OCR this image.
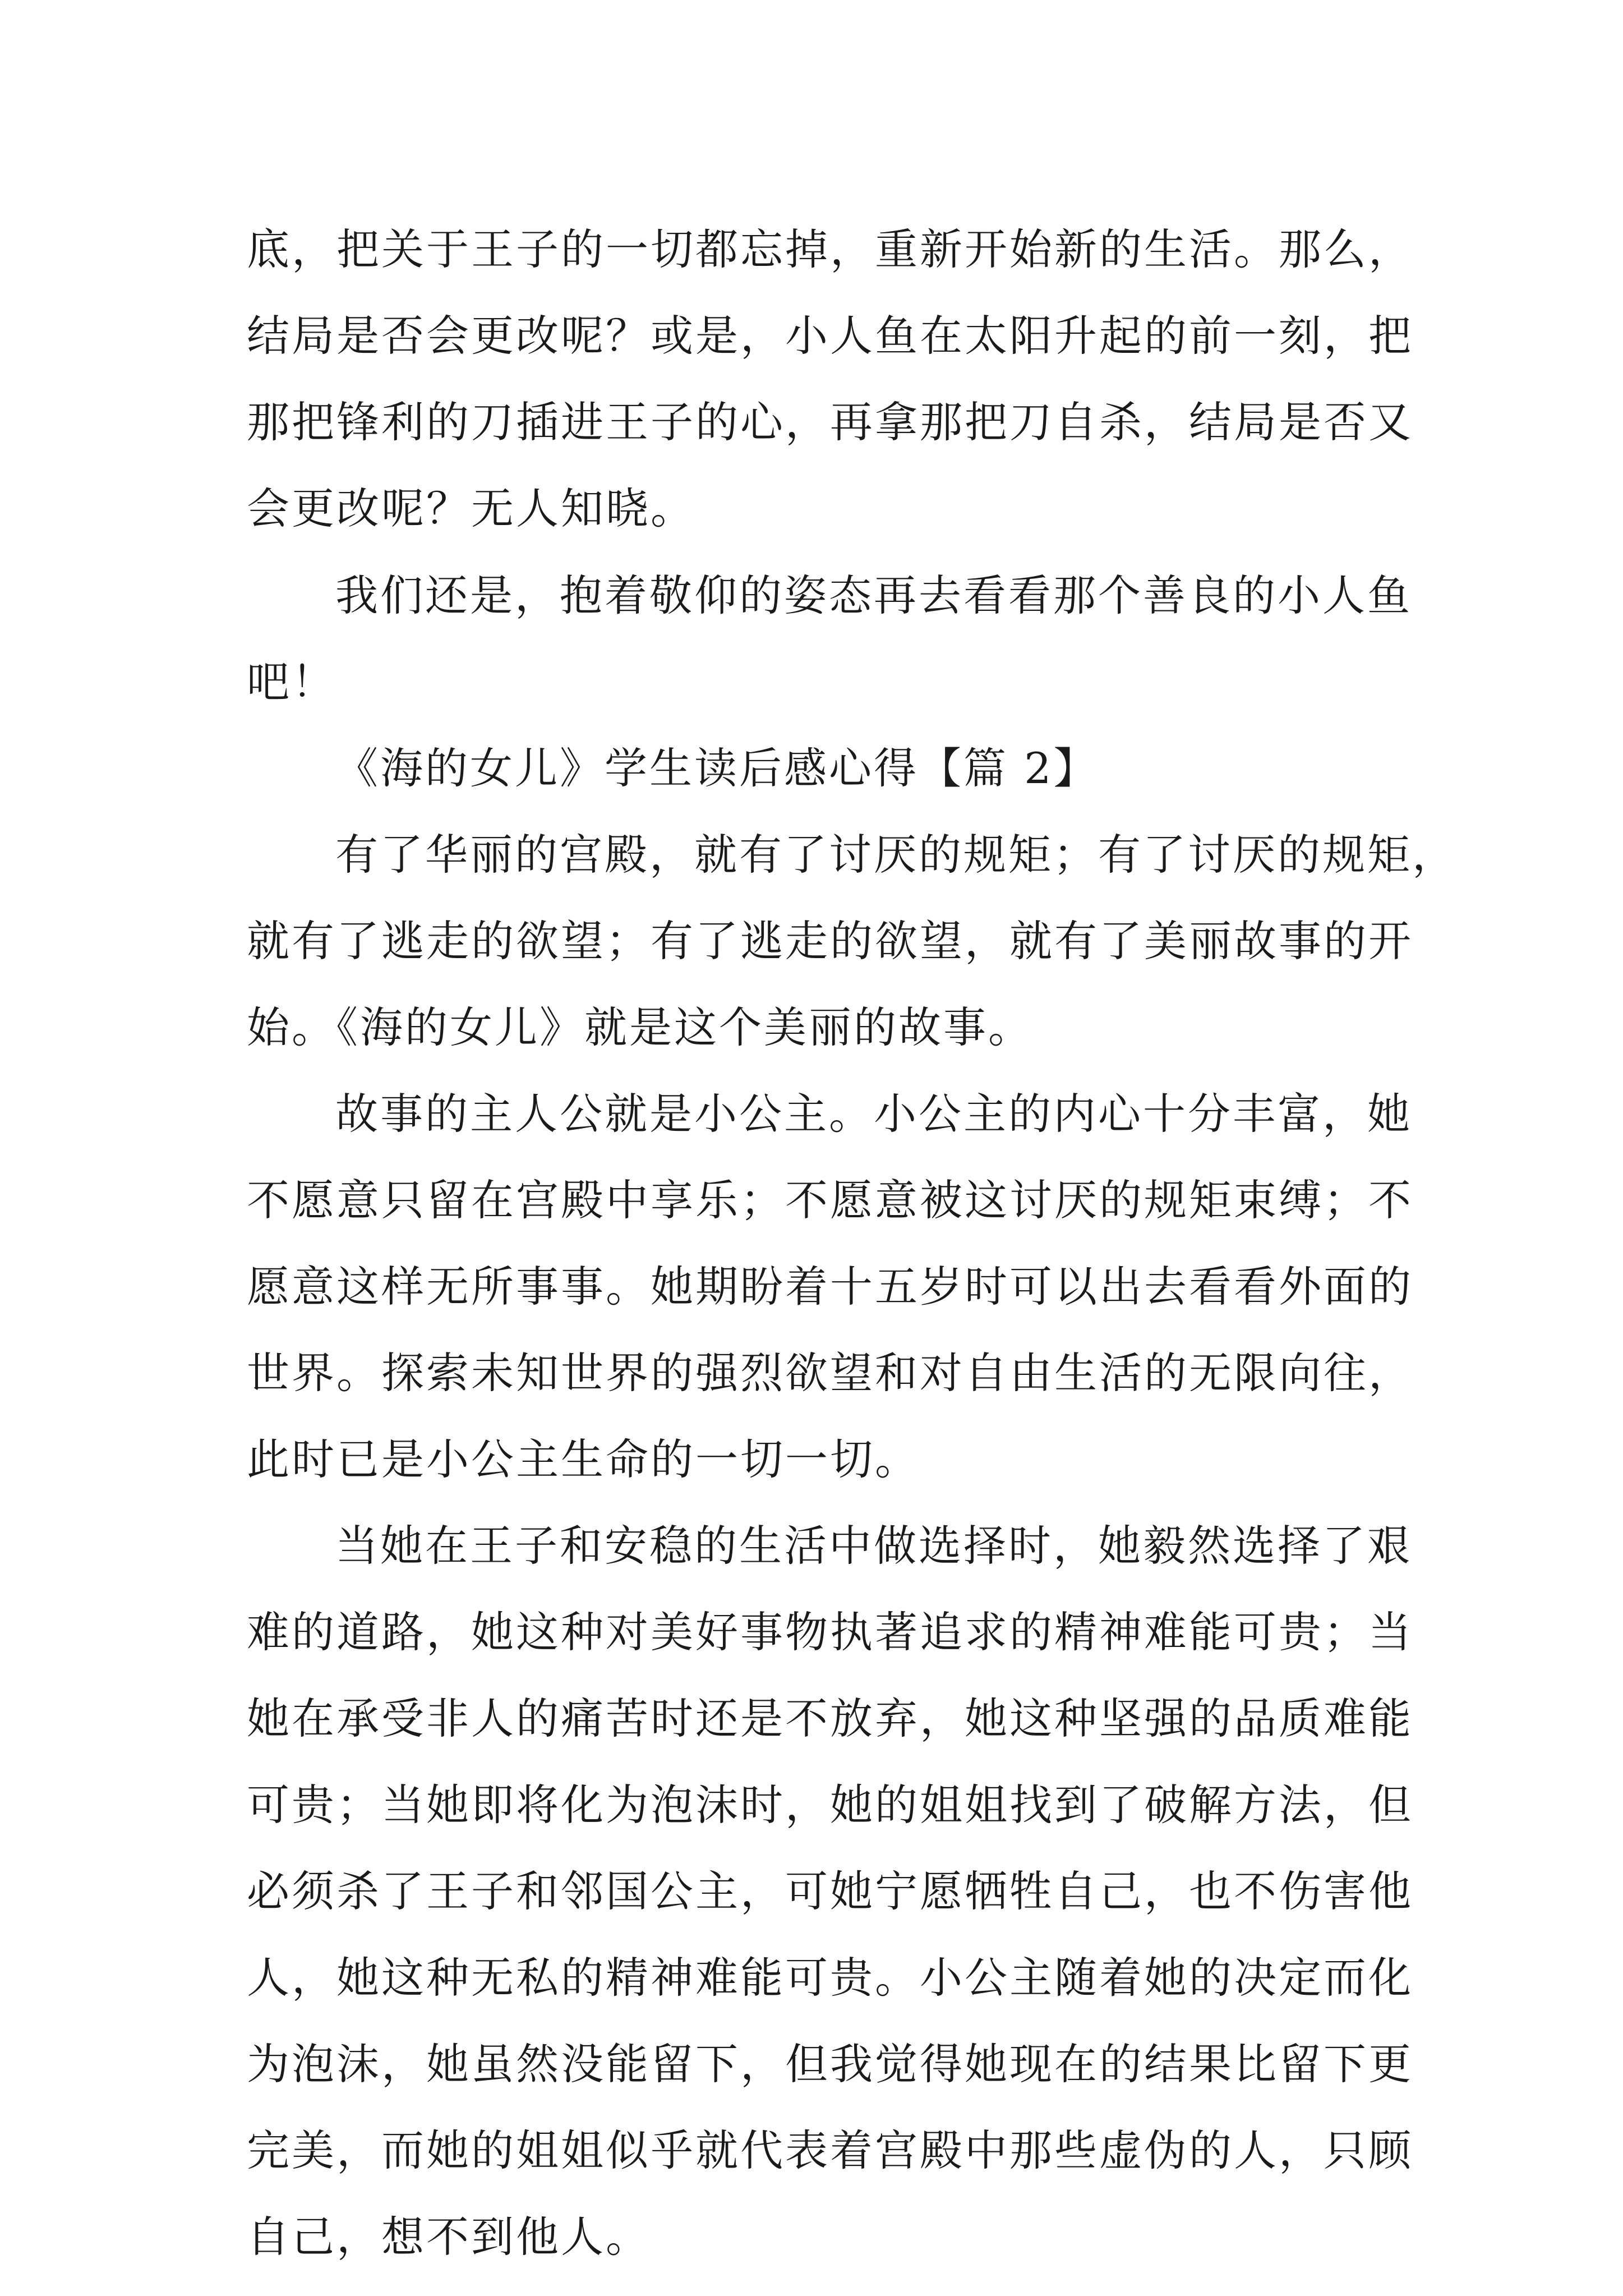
底，把关于王子的一切都忘掉，重新开始新的生活。那么，
结局是否会更改呢？或是，小人鱼在太阳升起的前一刻，把
那把锋利的刀插进王子的心，再拿那把刀自杀，结局是否又
会更改呢？无人知晓。
我们还是，抱着敬仰的姿态再去看看那个善良的小人鱼
吧！
《海的女儿》学生读后感心得【篇 2】
有了华丽的宫殿，就有了讨厌的规矩；有了讨厌的规矩，
就有了逃走的欲望；有了逃走的欲望，就有了美丽故事的开
始。《海的女儿》就是这个美丽的故事。
故事的主人公就是小公主。小公主的内心十分丰富，她
不愿意只留在宫殿中享乐；不愿意被这讨厌的规矩束缚；不
愿意这样无所事事。她期盼着十五岁时可以出去看看外面的
世界。探索未知世界的强烈欲望和对自由生活的无限向往，
此时已是小公主生命的一切一切。
当她在王子和安稳的生活中做选择时，她毅然选择了艰
难的道路，她这种对美好事物执著追求的精神难能可贵；当
她在承受非人的痛苦时还是不放弃，她这种坚强的品质难能
可贵；当她即将化为泡沫时，她的姐姐找到了破解方法，但
必须杀了王子和邻国公主，可她宁愿牺牲自己，也不伤害他
人，她这种无私的精神难能可贵。小公主随着她的决定而化
为泡沫，她虽然没能留下，但我觉得她现在的结果比留下更
完美，而她的姐姐似乎就代表着宫殿中那些虚伪的人，只顾
自己，想不到他人。
